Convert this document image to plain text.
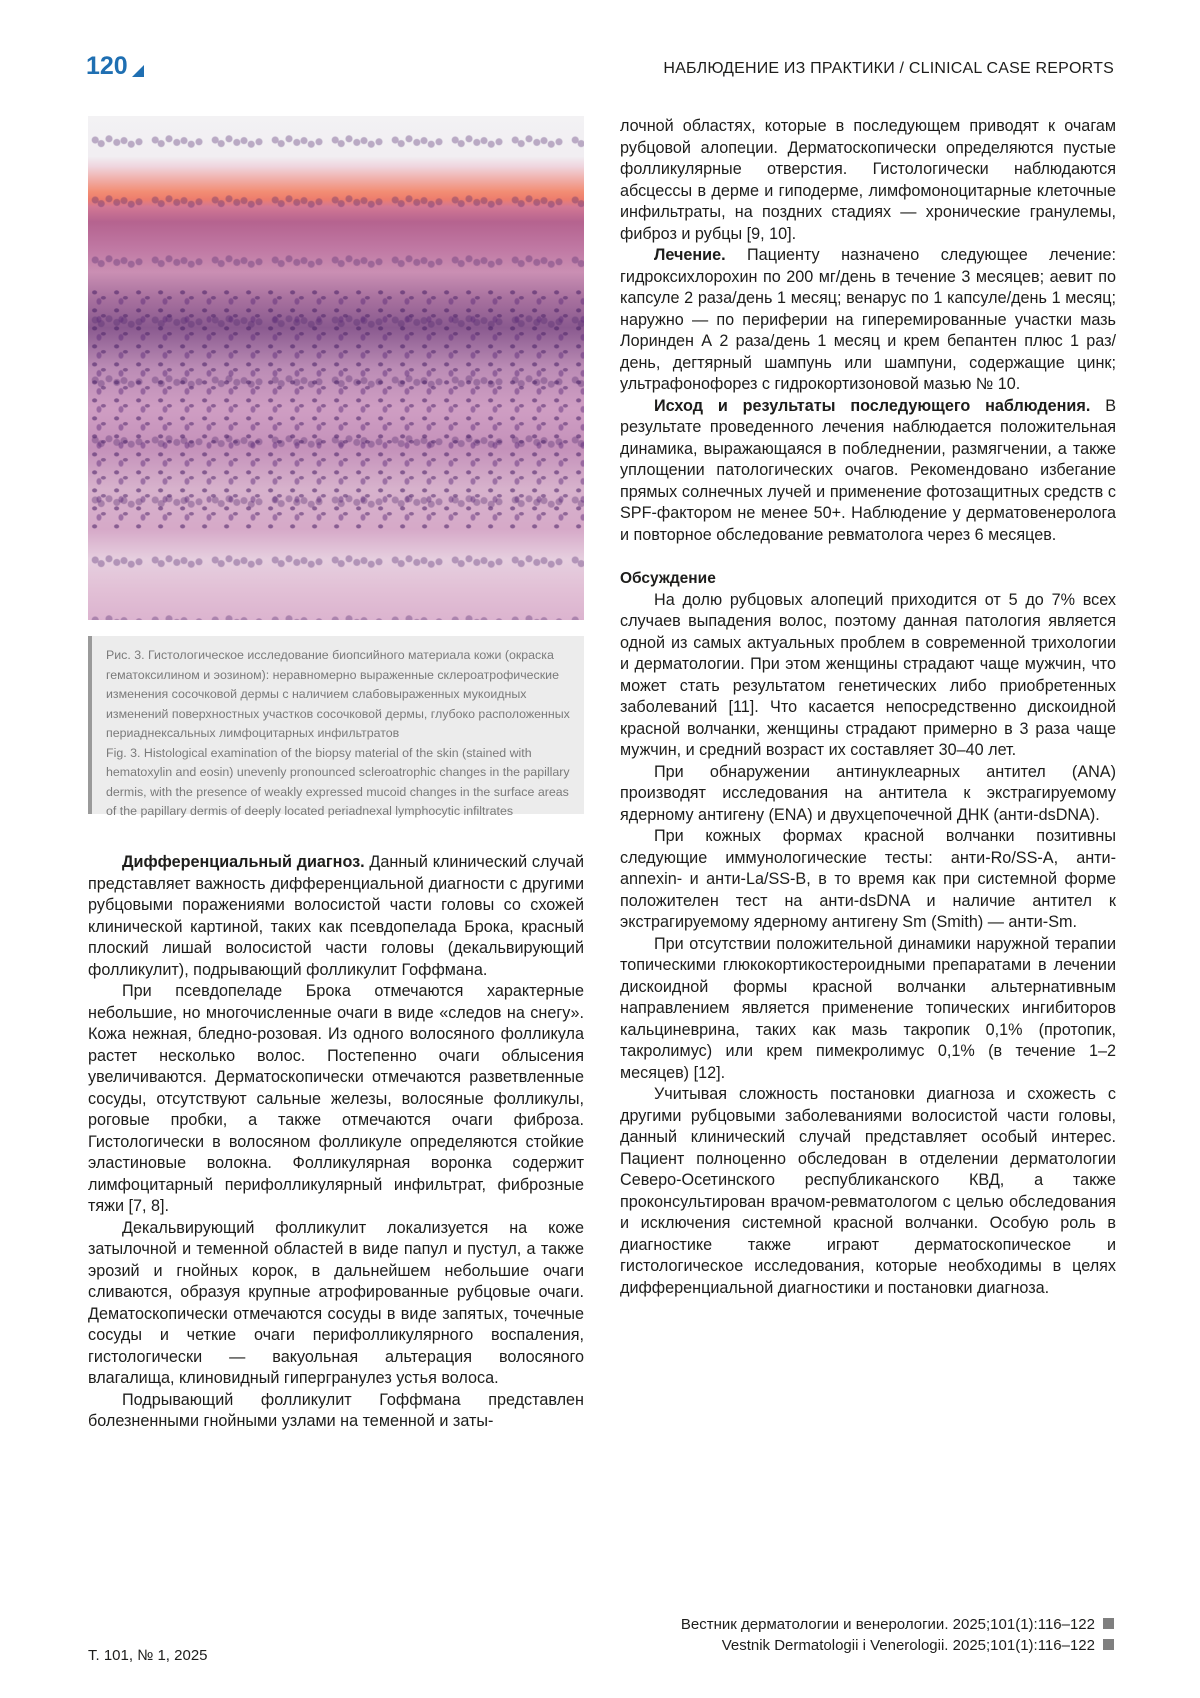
120	НАБЛЮДЕНИЕ ИЗ ПРАКТИКИ / CLINICAL CASE REPORTS

Рис. 3. Гистологическое исследование биопсийного материала кожи (окраска гематоксилином и эозином): неравномерно выраженные склероатрофические изменения сосочковой дермы с наличием слабовыраженных мукоидных изменений поверхностных участков сосочковой дермы, глубоко расположенных периаднексальных лимфоцитарных инфильтратов

Fig. 3. Histological examination of the biopsy material of the skin (stained with hematoxylin and eosin) unevenly pronounced scleroatrophic changes in the papillary dermis, with the presence of weakly expressed mucoid changes in the surface areas of the papillary dermis of deeply located periadnexal lymphocytic infiltrates

Дифференциальный диагноз. Данный клинический случай представляет важность дифференциальной диагности с другими рубцовыми поражениями волосистой части головы со схожей клинической картиной, таких как псевдопелада Брока, красный плоский лишай волосистой части головы (декальвирующий фолликулит), подрывающий фолликулит Гоффмана.

При псевдопеладе Брока отмечаются характерные небольшие, но многочисленные очаги в виде «следов на снегу». Кожа нежная, бледно-розовая. Из одного волосяного фолликула растет несколько волос. Постепенно очаги облысения увеличиваются. Дерматоскопически отмечаются разветвленные сосуды, отсутствуют сальные железы, волосяные фолликулы, роговые пробки, а также отмечаются очаги фиброза. Гистологически в волосяном фолликуле определяются стойкие эластиновые волокна. Фолликулярная воронка содержит лимфоцитарный перифолликулярный инфильтрат, фиброзные тяжи [7, 8].

Декальвирующий фолликулит локализуется на коже затылочной и теменной областей в виде папул и пустул, а также эрозий и гнойных корок, в дальнейшем небольшие очаги сливаются, образуя крупные атрофированные рубцовые очаги. Дематоскопически отмечаются сосуды в виде запятых, точечные сосуды и четкие очаги перифолликулярного воспаления, гистологически — вакуольная альтерация волосяного влагалища, клиновидный гипергранулез устья волоса.

Подрывающий фолликулит Гоффмана представлен болезненными гнойными узлами на теменной и заты-

лочной областях, которые в последующем приводят к очагам рубцовой алопеции. Дерматоскопически определяются пустые фолликулярные отверстия. Гистологически наблюдаются абсцессы в дерме и гиподерме, лимфомоноцитарные клеточные инфильтраты, на поздних стадиях — хронические гранулемы, фиброз и рубцы [9, 10].

Лечение. Пациенту назначено следующее лечение: гидроксихлорохин по 200 мг/день в течение 3 месяцев; аевит по капсуле 2 раза/день 1 месяц; венарус по 1 капсуле/день 1 месяц; наружно — по периферии на гиперемированные участки мазь Лоринден А 2 раза/день 1 месяц и крем бепантен плюс 1 раз/день, дегтярный шампунь или шампуни, содержащие цинк; ультрафонофорез с гидрокортизоновой мазью № 10.

Исход и результаты последующего наблюдения. В результате проведенного лечения наблюдается положительная динамика, выражающаяся в побледнении, размягчении, а также уплощении патологических очагов. Рекомендовано избегание прямых солнечных лучей и применение фотозащитных средств с SPF-фактором не менее 50+. Наблюдение у дерматовенеролога и повторное обследование ревматолога через 6 месяцев.

Обсуждение

На долю рубцовых алопеций приходится от 5 до 7% всех случаев выпадения волос, поэтому данная патология является одной из самых актуальных проблем в современной трихологии и дерматологии. При этом женщины страдают чаще мужчин, что может стать результатом генетических либо приобретенных заболеваний [11]. Что касается непосредственно дискоидной красной волчанки, женщины страдают примерно в 3 раза чаще мужчин, и средний возраст их составляет 30–40 лет.

При обнаружении антинуклеарных антител (ANA) производят исследования на антитела к экстрагируемому ядерному антигену (ENA) и двухцепочечной ДНК (анти-dsDNA).

При кожных формах красной волчанки позитивны следующие иммунологические тесты: анти-Ro/SS-A, анти-annexin- и анти-La/SS-B, в то время как при системной форме положителен тест на анти-dsDNA и наличие антител к экстрагируемому ядерному антигену Sm (Smith) — анти-Sm.

При отсутствии положительной динамики наружной терапии топическими глюкокортикостероидными препаратами в лечении дискоидной формы красной волчанки альтернативным направлением является применение топических ингибиторов кальциневрина, таких как мазь такропик 0,1% (протопик, такролимус) или крем пимекролимус 0,1% (в течение 1–2 месяцев) [12].

Учитывая сложность постановки диагноза и схожесть с другими рубцовыми заболеваниями волосистой части головы, данный клинический случай представляет особый интерес. Пациент полноценно обследован в отделении дерматологии Северо-Осетинского республиканского КВД, а также проконсультирован врачом-ревматологом с целью обследования и исключения системной красной волчанки. Особую роль в диагностике также играют дерматоскопическое и гистологическое исследования, которые необходимы в целях дифференциальной диагностики и постановки диагноза.

Вестник дерматологии и венерологии. 2025;101(1):116–122
Vestnik Dermatologii i Venerologii. 2025;101(1):116–122
Т. 101, № 1, 2025
